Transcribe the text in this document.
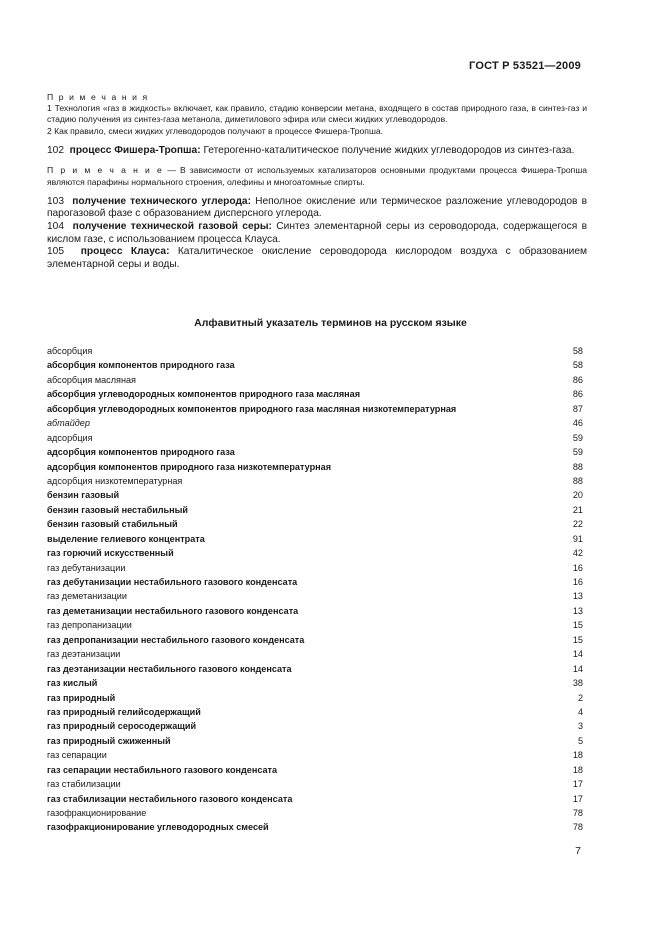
ГОСТ Р 53521—2009

П р и м е ч а н и я

1 Технология «газ в жидкость» включает, как правило, стадию конверсии метана, входящего в состав природного газа, в синтез-газ и стадию получения из синтез-газа метанола, диметилового эфира или смеси жидких углеводородов.

2 Как правило, смеси жидких углеводородов получают в процессе Фишера-Тропша.

102 процесс Фишера-Тропша: Гетерогенно-каталитическое получение жидких углеводородов из синтез-газа.

П р и м е ч а н и е — В зависимости от используемых катализаторов основными продуктами процесса Фишера-Тропша являются парафины нормального строения, олефины и многоатомные спирты.

103 получение технического углерода: Неполное окисление или термическое разложение углеводородов в парогазовой фазе с образованием дисперсного углерода.

104 получение технической газовой серы: Синтез элементарной серы из сероводорода, содержащегося в кислом газе, с использованием процесса Клауса.

105 процесс Клауса: Каталитическое окисление сероводорода кислородом воздуха с образованием элементарной серы и воды.

Алфавитный указатель терминов на русском языке
абсорбция	58
абсорбция компонентов природного газа	58
абсорбция масляная	86
абсорбция углеводородных компонентов природного газа масляная	86
абсорбция углеводородных компонентов природного газа масляная низкотемпературная	87
абтайдер	46
адсорбция	59
адсорбция компонентов природного газа	59
адсорбция компонентов природного газа низкотемпературная	88
адсорбция низкотемпературная	88
бензин газовый	20
бензин газовый нестабильный	21
бензин газовый стабильный	22
выделение гелиевого концентрата	91
газ горючий искусственный	42
газ дебутанизации	16
газ дебутанизации нестабильного газового конденсата	16
газ деметанизации	13
газ деметанизации нестабильного газового конденсата	13
газ депропанизации	15
газ депропанизации нестабильного газового конденсата	15
газ деэтанизации	14
газ деэтанизации нестабильного газового конденсата	14
газ кислый	38
газ природный	2
газ природный гелийсодержащий	4
газ природный серосодержащий	3
газ природный сжиженный	5
газ сепарации	18
газ сепарации нестабильного газового конденсата	18
газ стабилизации	17
газ стабилизации нестабильного газового конденсата	17
газофракционирование	78
газофракционирование углеводородных смесей	78
7
